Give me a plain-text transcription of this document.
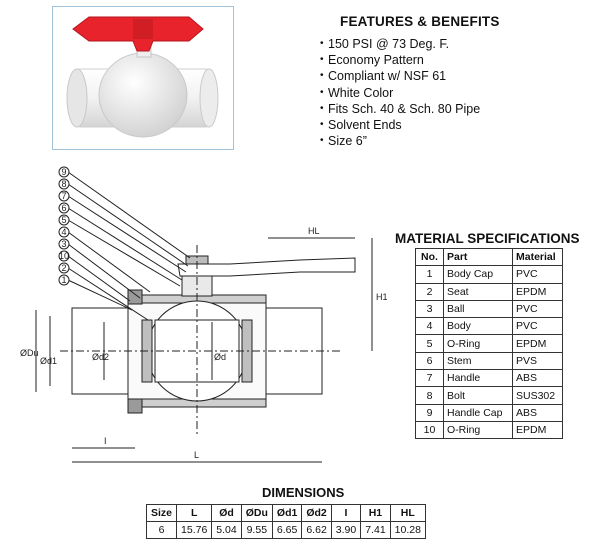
FEATURES & BENEFITS
• 150 PSI @ 73 Deg. F.
• Economy Pattern
• Compliant w/ NSF 61
• White Color
• Fits Sch. 40 & Sch. 80 Pipe
• Solvent Ends
• Size 6”
9
8
7
6
5
4
3
10
2
1
HL
H1
ØDu
Ød1	Ød2	Ød
I
L
MATERIAL SPECIFICATIONS
No.	Part	Material
1	Body Cap	PVC
2	Seat	EPDM
3	Ball	PVC
4	Body	PVC
5	O-Ring	EPDM
6	Stem	PVS
7	Handle	ABS
8	Bolt	SUS302
9	Handle Cap	ABS
10	O-Ring	EPDM
DIMENSIONS
Size	L	Ød	ØDu	Ød1	Ød2	I	H1	HL
6	15.76	5.04	9.55	6.65	6.62	3.90	7.41	10.28
